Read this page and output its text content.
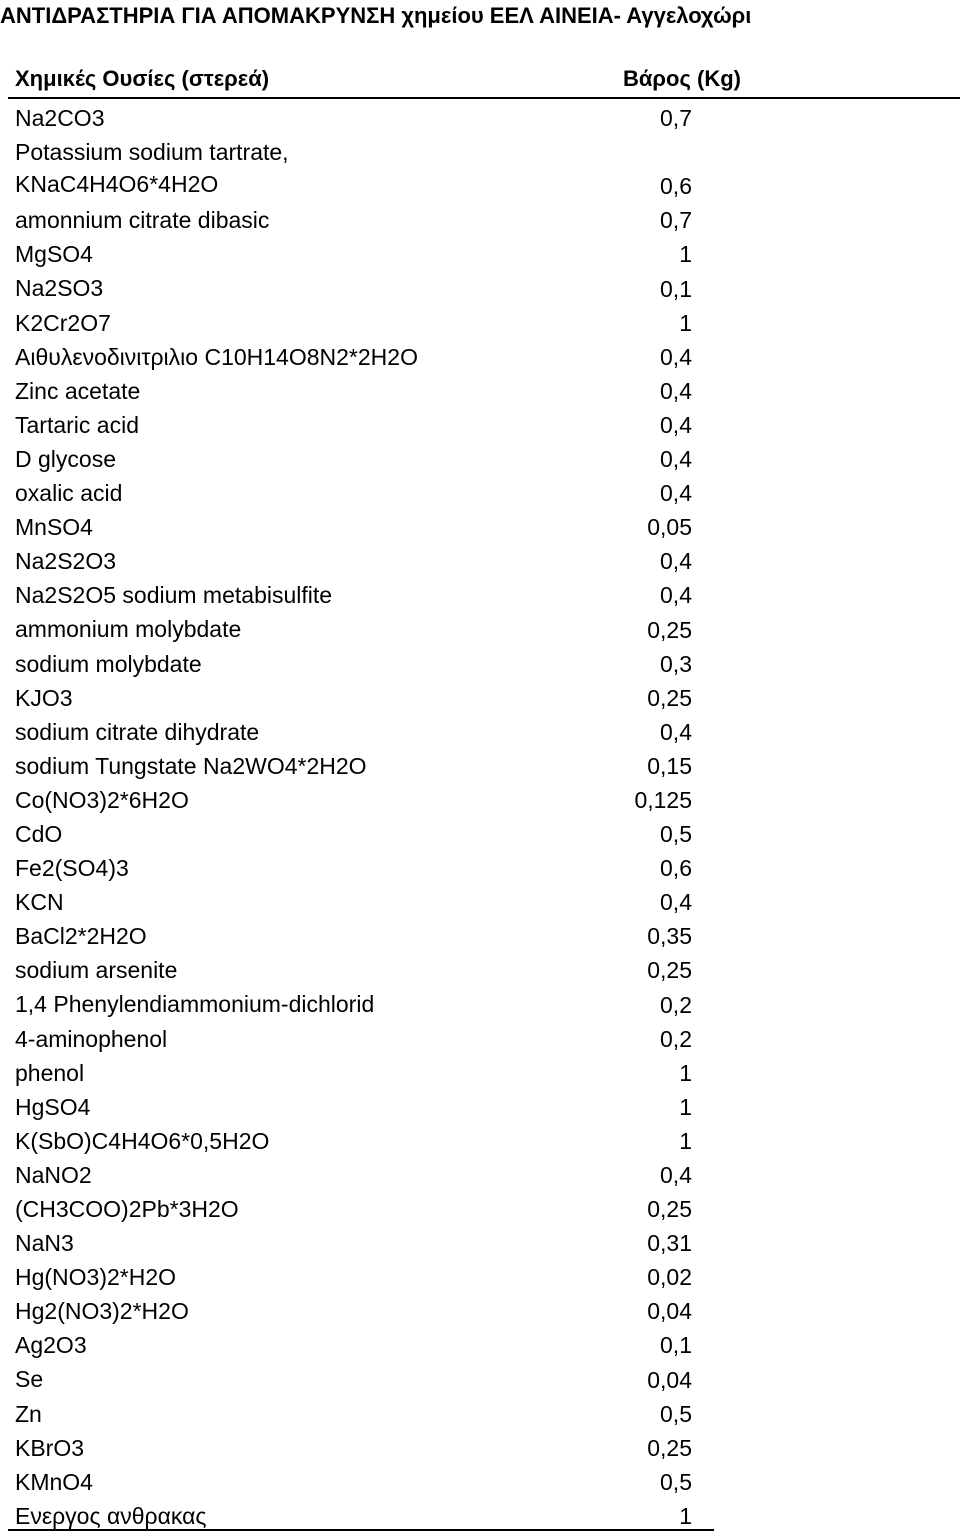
ΑΝΤΙΔΡΑΣΤΗΡΙΑ ΓΙΑ ΑΠΟΜΑΚΡΥΝΣΗ χημείου ΕΕΛ ΑΙΝΕΙΑ- Αγγελοχώρι
Χημικές Ουσίες (στερεά)	Βάρος (Kg)
Na2CO3	0,7
Potassium sodium tartrate,
KNaC4H4O6*4H2O	0,6
amonnium citrate dibasic	0,7
MgSO4	1
Na2SO3	0,1
K2Cr2O7	1
Αιθυλενοδινιτριλιο C10H14O8N2*2H2O	0,4
Zinc acetate	0,4
Tartaric acid	0,4
D glycose	0,4
oxalic acid	0,4
MnSO4	0,05
Na2S2O3	0,4
Na2S2O5 sodium metabisulfite	0,4
ammonium molybdate	0,25
sodium molybdate	0,3
KJO3	0,25
sodium citrate dihydrate	0,4
sodium Tungstate Na2WO4*2H2O	0,15
Co(NO3)2*6H2O	0,125
CdO	0,5
Fe2(SO4)3	0,6
KCN	0,4
BaCl2*2H2O	0,35
sodium arsenite	0,25
1,4 Phenylendiammonium-dichlorid	0,2
4-aminophenol	0,2
phenol	1
HgSO4	1
K(SbO)C4H4O6*0,5H2O	1
NaNO2	0,4
(CH3COO)2Pb*3H2O	0,25
NaN3	0,31
Hg(NO3)2*H2O	0,02
Hg2(NO3)2*H2O	0,04
Ag2O3	0,1
Se	0,04
Zn	0,5
KBrO3	0,25
KMnO4	0,5
Ενεργος ανθρακας	1
